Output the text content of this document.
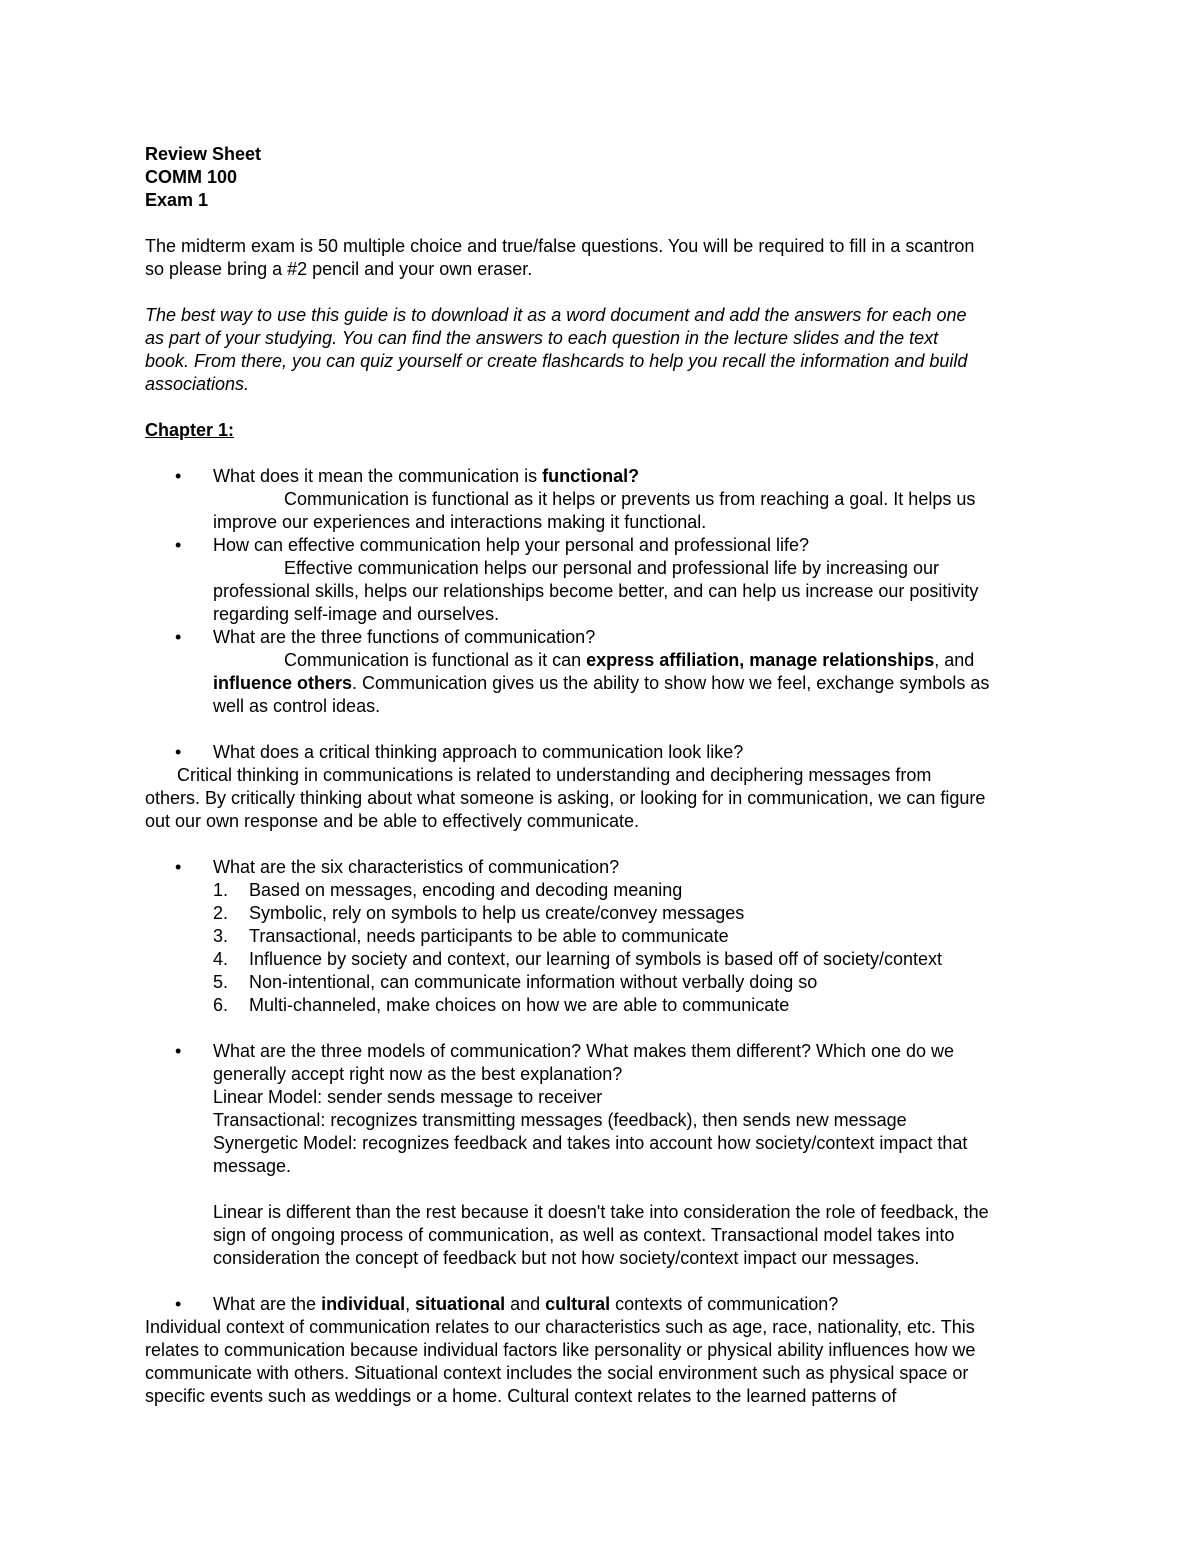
Review Sheet

COMM 100

Exam 1

The midterm exam is 50 multiple choice and true/false questions. You will be required to fill in a scantron

so please bring a #2 pencil and your own eraser.

The best way to use this guide is to download it as a word document and add the answers for each one

as part of your studying. You can find the answers to each question in the lecture slides and the text

book. From there, you can quiz yourself or create flashcards to help you recall the information and build

associations.

Chapter 1:

• What does it mean the communication is functional?

Communication is functional as it helps or prevents us from reaching a goal. It helps us

improve our experiences and interactions making it functional.

• How can effective communication help your personal and professional life?

Effective communication helps our personal and professional life by increasing our

professional skills, helps our relationships become better, and can help us increase our positivity

regarding self-image and ourselves.

• What are the three functions of communication?

Communication is functional as it can express affiliation, manage relationships, and

influence others. Communication gives us the ability to show how we feel, exchange symbols as

well as control ideas.

• What does a critical thinking approach to communication look like?

Critical thinking in communications is related to understanding and deciphering messages from

others. By critically thinking about what someone is asking, or looking for in communication, we can figure

out our own response and be able to effectively communicate.

• What are the six characteristics of communication?

1. Based on messages, encoding and decoding meaning

2. Symbolic, rely on symbols to help us create/convey messages

3. Transactional, needs participants to be able to communicate

4. Influence by society and context, our learning of symbols is based off of society/context

5. Non-intentional, can communicate information without verbally doing so

6. Multi-channeled, make choices on how we are able to communicate

• What are the three models of communication? What makes them different? Which one do we

generally accept right now as the best explanation?

Linear Model: sender sends message to receiver

Transactional: recognizes transmitting messages (feedback), then sends new message

Synergetic Model: recognizes feedback and takes into account how society/context impact that

message.

Linear is different than the rest because it doesn't take into consideration the role of feedback, the

sign of ongoing process of communication, as well as context. Transactional model takes into

consideration the concept of feedback but not how society/context impact our messages.

• What are the individual, situational and cultural contexts of communication?

Individual context of communication relates to our characteristics such as age, race, nationality, etc. This

relates to communication because individual factors like personality or physical ability influences how we

communicate with others. Situational context includes the social environment such as physical space or

specific events such as weddings or a home. Cultural context relates to the learned patterns of
